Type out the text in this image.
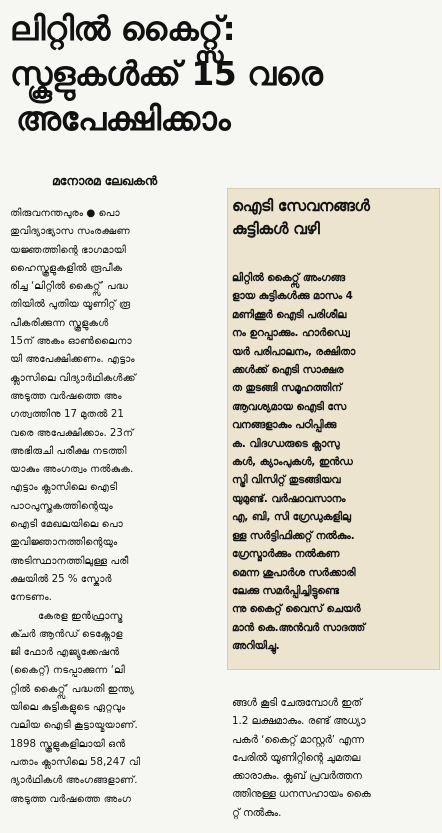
ലിറ്റിൽ കൈറ്റ്സ്:
സ്കൂളുകൾക്ക് 15 വരെ
അപേക്ഷിക്കാം
മനോരമ ലേഖകൻ

തിരുവനന്തപുരം ● പൊ
തുവിദ്യാഭ്യാസ സംരക്ഷണ
യജ്ഞത്തിന്റെ ഭാഗമായി
ഹൈസ്കൂളുകളിൽ രൂപീക
രിച്ച ‘ലിറ്റിൽ കൈറ്റ്സ്’ പദ്ധ
തിയിൽ പുതിയ യൂണിറ്റ് രൂ
പീകരിക്കുന്ന സ്കൂളുകൾ
15ന് അകം ഓൺലൈനാ
യി അപേക്ഷിക്കണം. എട്ടാം
ക്ലാസിലെ വിദ്യാർഥികൾക്ക്
അടുത്ത വർഷത്തെ അം
ഗത്വത്തിനു 17 മുതൽ 21
വരെ അപേക്ഷിക്കാം. 23ന്
അഭിരുചി പരീക്ഷ നടത്തി
യാകും അംഗത്വം നൽകുക.
എട്ടാം ക്ലാസിലെ ഐടി
പാഠപുസ്തകത്തിന്റെയും
ഐടി മേഖലയിലെ പൊ
തുവിജ്ഞാനത്തിന്റെയും
അടിസ്ഥാനത്തിലുള്ള പരീ
ക്ഷയിൽ 25 % സ്കോർ
നേടണം.
കേരള ഇൻഫ്രാസ്ട്ര
ക്ചർ ആൻഡ് ടെക്നോള
ജി ഫോർ എജ്യുക്കേഷൻ
(കൈറ്റ്) നടപ്പാക്കുന്ന ‘ലി
റ്റിൽ കൈറ്റ്സ്’ പദ്ധതി ഇന്ത്യ
യിലെ കുട്ടികളുടെ ഏറ്റവും
വലിയ ഐടി കൂട്ടായ്മയാണ്.
1898 സ്കൂളുകളിലായി ഒൻ
പതാം ക്ലാസിലെ 58,247 വി
ദ്യാർഥികൾ അംഗങ്ങളാണ്.
അടുത്ത വർഷത്തെ അംഗ

ഐടി സേവനങ്ങൾ
കുട്ടികൾ വഴി
ലിറ്റിൽ കൈറ്റ്സ് അംഗങ്ങ
ളായ കുട്ടികൾക്കു മാസം 4
മണിക്കൂർ ഐടി പരിശീല
നം ഉറപ്പാക്കും. ഹാർഡ്വെ
യർ പരിപാലനം, രക്ഷിതാ
ക്കൾക്ക് ഐടി സാക്ഷര
ത തുടങ്ങി സമൂഹത്തിന്
ആവശ്യമായ ഐടി സേ
വനങ്ങളാകും പഠിപ്പിക്കു
ക. വിദഗ്ധരുടെ ക്ലാസു
കൾ, ക്യാംപുകൾ, ഇൻഡ
സ്ട്രി വിസിറ്റ് തുടങ്ങിയവ
യുമുണ്ട്. വർഷാവസാനം
എ, ബി, സി ഗ്രേഡുകളിലു
ള്ള സർട്ടിഫിക്കറ്റ് നൽകും.
ഗ്രേസ്മാർക്കും നൽകണ
മെന്ന ശുപാർശ സർക്കാരി
ലേക്കു സമർപ്പിച്ചിട്ടുണ്ടെ
ന്നു കൈറ്റ് വൈസ് ചെയർ
മാൻ കെ.അൻവർ സാദത്ത്
അറിയിച്ചു.
ങ്ങൾ കൂടി ചേരുമ്പോൾ ഇത്
1.2 ലക്ഷമാകും. രണ്ട് അധ്യാ
പകർ ‘കൈറ്റ് മാസ്റ്റർ’ എന്ന
പേരിൽ യൂണിറ്റിന്റെ ചുമതല
ക്കാരാകും. ക്ലബ് പ്രവർത്തന
ത്തിനുള്ള ധനസഹായം കൈ
റ്റ് നൽകും.
